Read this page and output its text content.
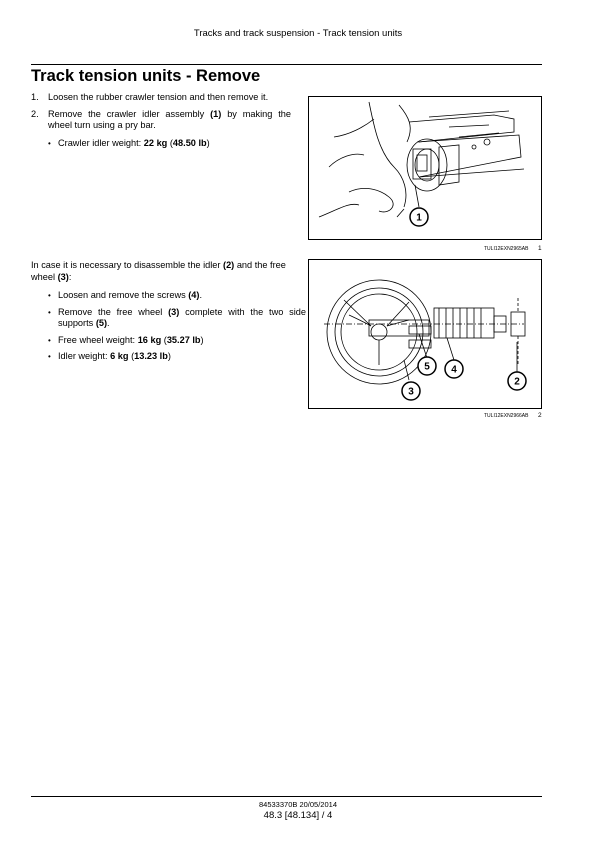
Tracks and track suspension - Track tension units
Track tension units - Remove
1.	Loosen the rubber crawler tension and then remove it.
2.	Remove the crawler idler assembly (1) by making the wheel turn using a pry bar.
• Crawler idler weight: 22 kg (48.50 lb)

In case it is necessary to disassemble the idler (2) and the free wheel (3):

• Loosen and remove the screws (4).
• Remove the free wheel (3) complete with the two side supports (5).
• Free wheel weight: 16 kg (35.27 lb)
• Idler weight: 6 kg (13.23 lb)
1
TULI12EXN2965AB 1
5 4
2
3
TULI12EXN2966AB 2
84533370B 20/05/2014
48.3 [48.134] / 4
